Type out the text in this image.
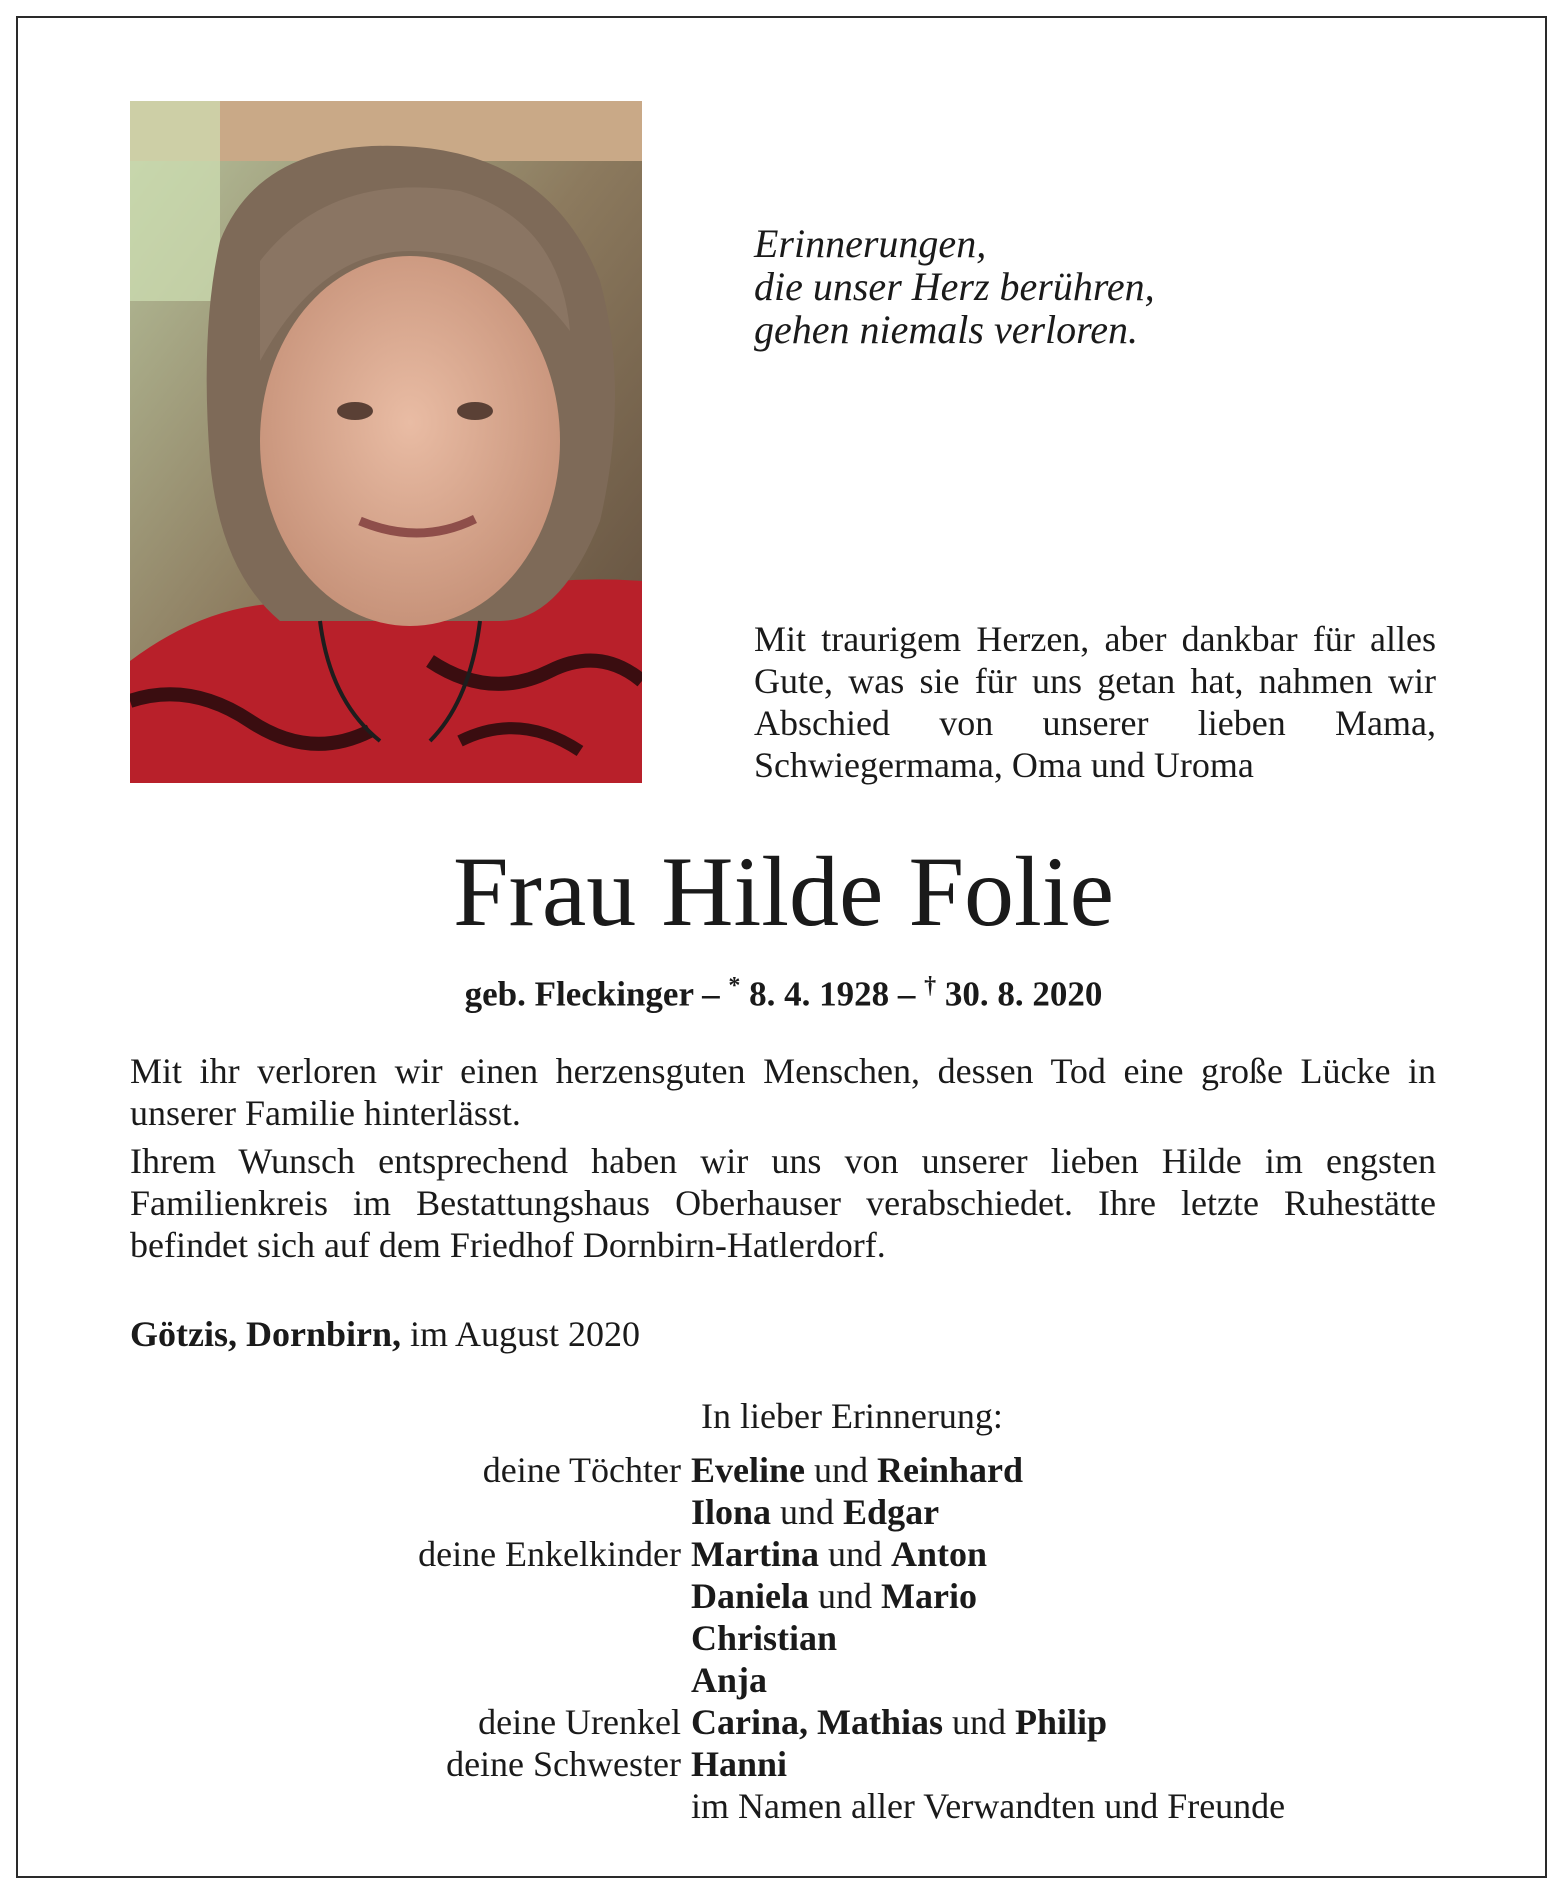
Erinnerungen,
die unser Herz berühren,
gehen niemals verloren.
Mit traurigem Herzen, aber dankbar für alles Gute, was sie für uns getan hat, nahmen wir Abschied von unserer lieben Mama, Schwiegermama, Oma und Uroma
Frau Hilde Folie
geb. Fleckinger – * 8. 4. 1928 – † 30. 8. 2020

Mit ihr verloren wir einen herzensguten Menschen, dessen Tod eine große Lücke in unserer Familie hinterlässt.

Ihrem Wunsch entsprechend haben wir uns von unserer lieben Hilde im engsten Familienkreis im Bestattungshaus Oberhauser verabschiedet. Ihre letzte Ruhestätte befindet sich auf dem Friedhof Dornbirn-Hatlerdorf.

Götzis, Dornbirn, im August 2020
In lieber Erinnerung:
deine Töchter Eveline und Reinhard
Ilona und Edgar
deine Enkelkinder Martina und Anton
Daniela und Mario
Christian
Anja
deine Urenkel Carina, Mathias und Philip
deine Schwester Hanni
im Namen aller Verwandten und Freunde
